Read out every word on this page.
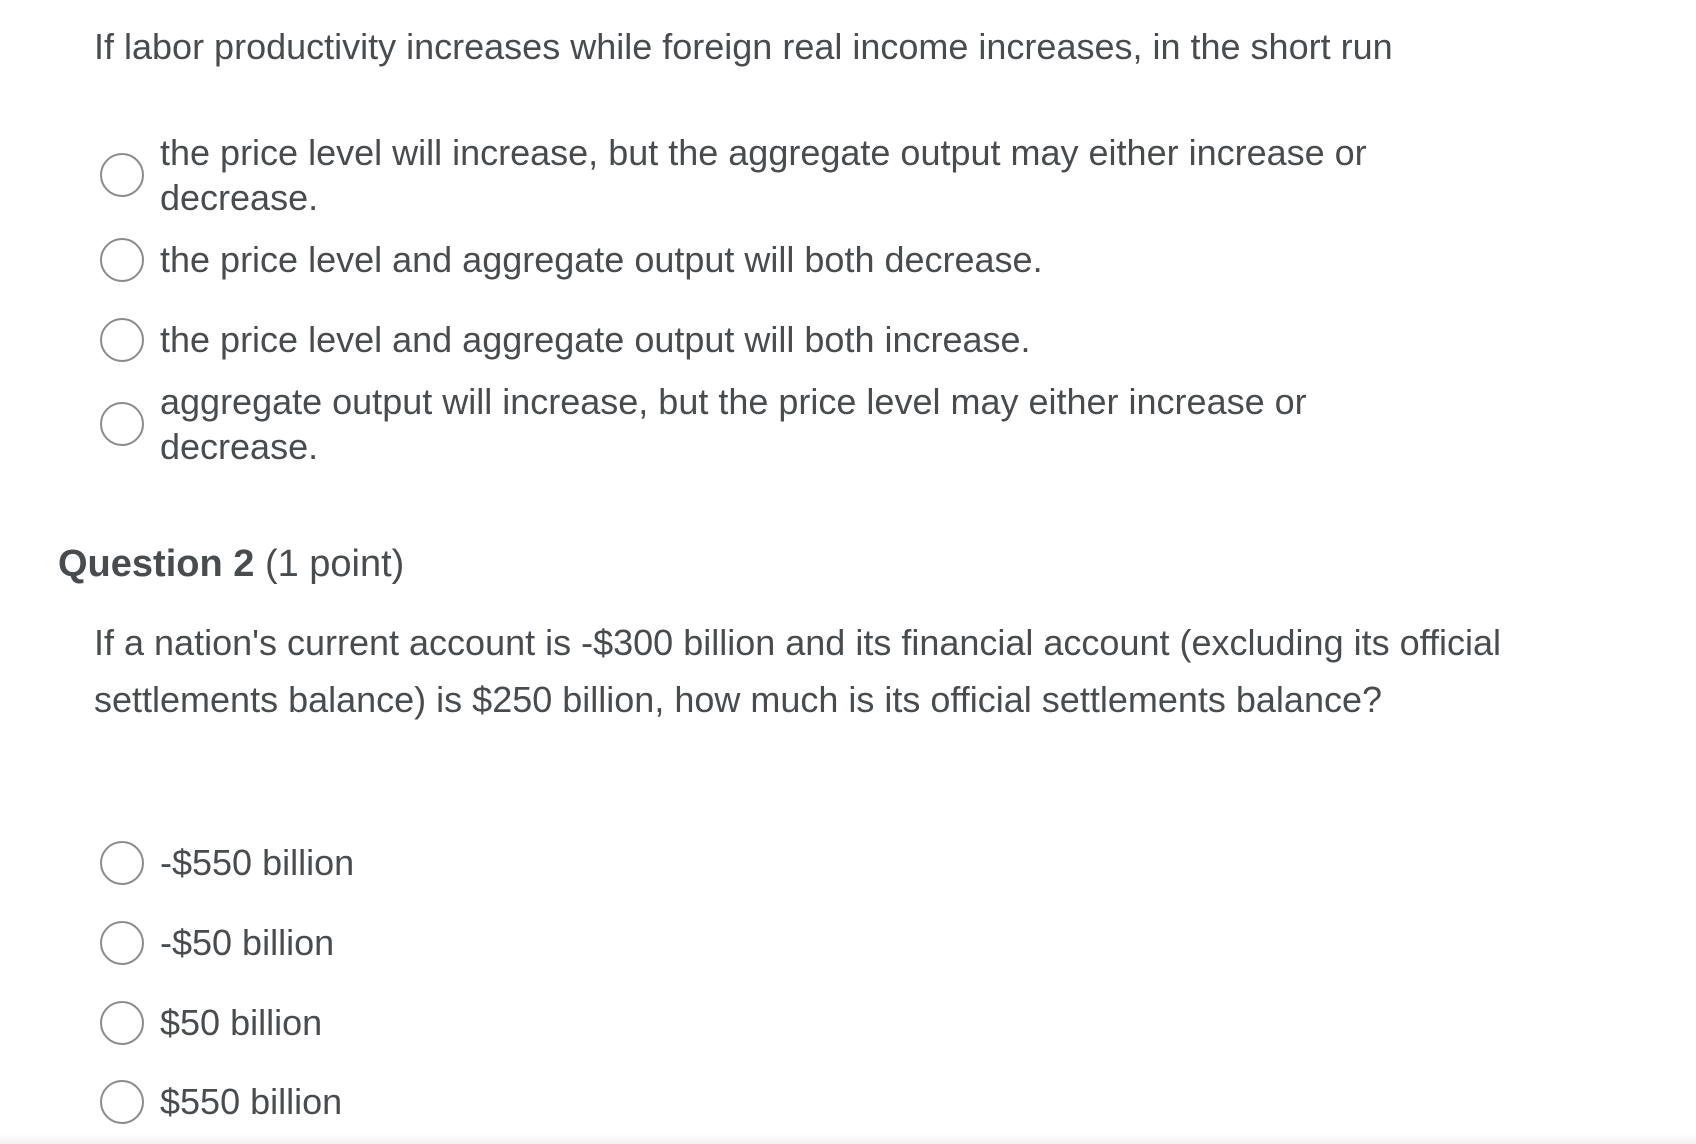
If labor productivity increases while foreign real income increases, in the short run
the price level will increase, but the aggregate output may either increase or decrease.
the price level and aggregate output will both decrease.
the price level and aggregate output will both increase.
aggregate output will increase, but the price level may either increase or decrease.
Question 2 (1 point)
If a nation's current account is -$300 billion and its financial account (excluding its official settlements balance) is $250 billion, how much is its official settlements balance?
-$550 billion
-$50 billion
$50 billion
$550 billion
